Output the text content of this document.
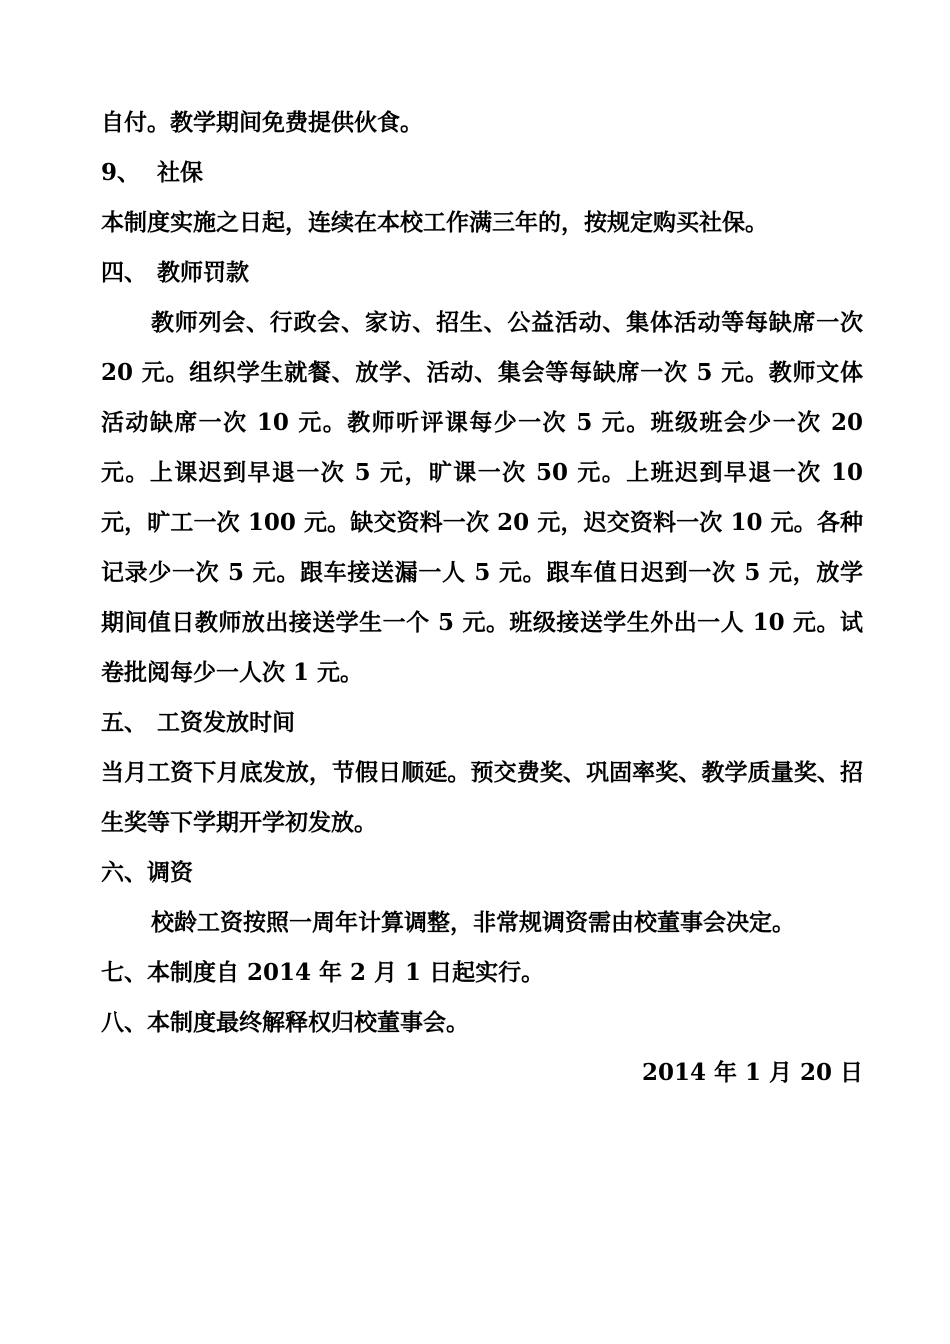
自付。教学期间免费提供伙食。

9、 社保

本制度实施之日起，连续在本校工作满三年的，按规定购买社保。

四、 教师罚款

教师列会、行政会、家访、招生、公益活动、集体活动等每缺席一次 20 元。组织学生就餐、放学、活动、集会等每缺席一次 5 元。教师文体活动缺席一次 10 元。教师听评课每少一次 5 元。班级班会少一次 20 元。上课迟到早退一次 5 元，旷课一次 50 元。上班迟到早退一次 10 元，旷工一次 100 元。缺交资料一次 20 元，迟交资料一次 10 元。各种记录少一次 5 元。跟车接送漏一人 5 元。跟车值日迟到一次 5 元，放学期间值日教师放出接送学生一个 5 元。班级接送学生外出一人 10 元。试卷批阅每少一人次 1 元。

五、 工资发放时间

当月工资下月底发放，节假日顺延。预交费奖、巩固率奖、教学质量奖、招生奖等下学期开学初发放。

六、调资

校龄工资按照一周年计算调整，非常规调资需由校董事会决定。

七、本制度自 2014 年 2 月 1 日起实行。

八、本制度最终解释权归校董事会。

2014 年 1 月 20 日
